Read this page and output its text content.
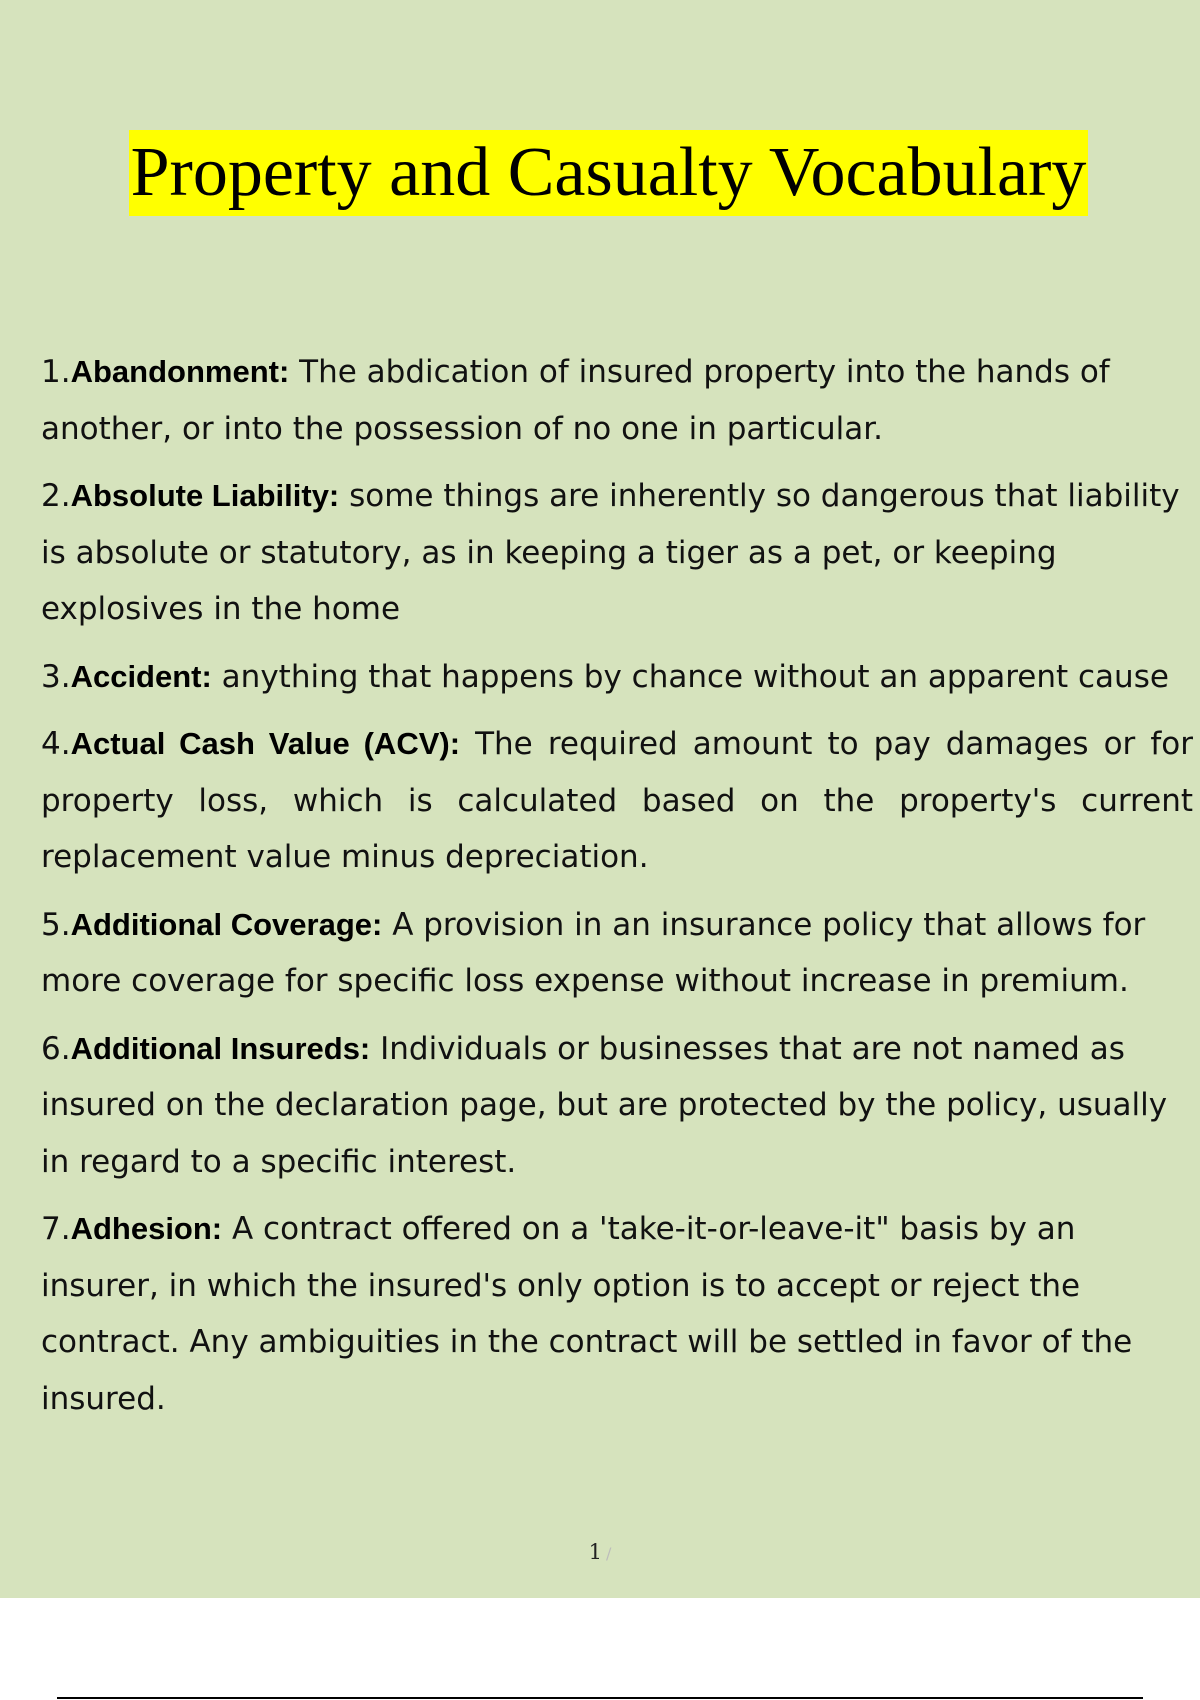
Property and Casualty Vocabulary

1.Abandonment: The abdication of insured property into the hands of another, or into the possession of no one in particular.

2.Absolute Liability: some things are inherently so dangerous that liability is absolute or statutory, as in keeping a tiger as a pet, or keeping explosives in the home

3.Accident: anything that happens by chance without an apparent cause

4.Actual Cash Value (ACV): The required amount to pay damages or for property loss, which is calculated based on the property's current replacement value minus depreciation.

5.Additional Coverage: A provision in an insurance policy that allows for more coverage for specific loss expense without increase in premium.

6.Additional Insureds: Individuals or businesses that are not named as insured on the declaration page, but are protected by the policy, usually in regard to a specific interest.

7.Adhesion: A contract offered on a 'take-it-or-leave-it" basis by an insurer, in which the insured's only option is to accept or reject the contract. Any ambiguities in the contract will be settled in favor of the insured.

1 /
